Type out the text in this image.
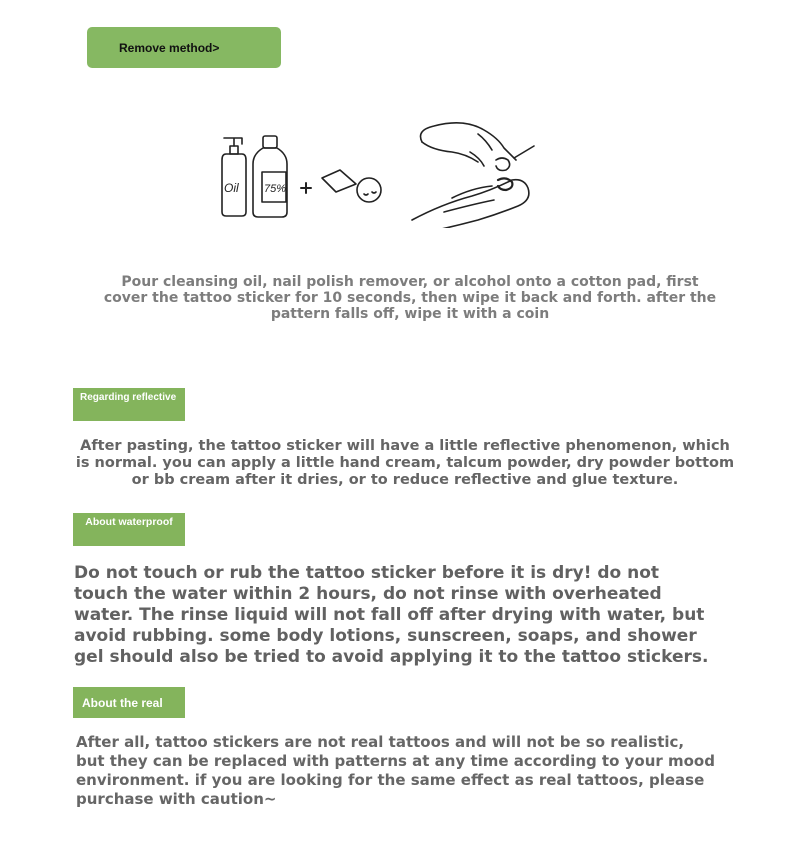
Remove method>
Oil 75%
Pour cleansing oil, nail polish remover, or alcohol onto a cotton pad, first cover the tattoo sticker for 10 seconds, then wipe it back and forth. after the pattern falls off, wipe it with a coin
Regarding reflective
After pasting, the tattoo sticker will have a little reflective phenomenon, which is normal. you can apply a little hand cream, talcum powder, dry powder bottom or bb cream after it dries, or to reduce reflective and glue texture.
About waterproof
Do not touch or rub the tattoo sticker before it is dry! do not touch the water within 2 hours, do not rinse with overheated water. The rinse liquid will not fall off after drying with water, but avoid rubbing. some body lotions, sunscreen, soaps, and shower gel should also be tried to avoid applying it to the tattoo stickers.
About the real
After all, tattoo stickers are not real tattoos and will not be so realistic, but they can be replaced with patterns at any time according to your mood environment. if you are looking for the same effect as real tattoos, please purchase with caution~
